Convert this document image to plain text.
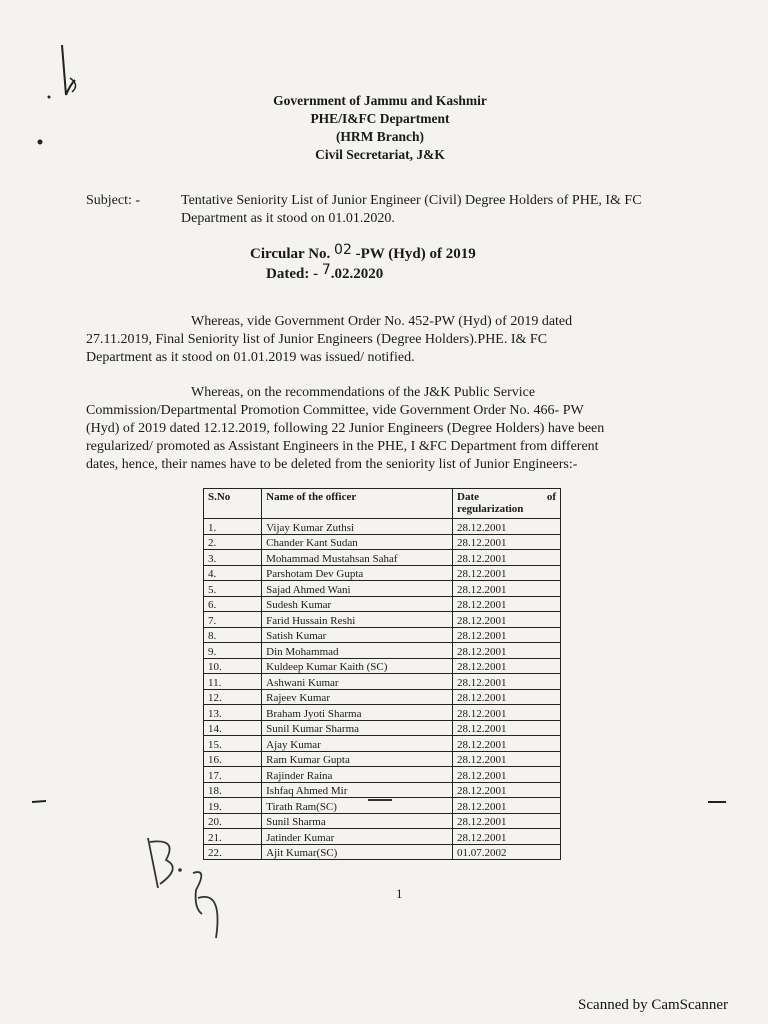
Government of Jammu and Kashmir
PHE/I&FC Department
(HRM Branch)
Civil Secretariat, J&K
Subject: -	Tentative Seniority List of Junior Engineer (Civil) Degree Holders of PHE, I& FC Department as it stood on 01.01.2020.
Circular No. 02 -PW (Hyd) of 2019
Dated: - 7.02.2020
Whereas, vide Government Order No. 452-PW (Hyd) of 2019 dated
27.11.2019, Final Seniority list of Junior Engineers (Degree Holders).PHE. I& FC
Department as it stood on 01.01.2019 was issued/ notified.
Whereas, on the recommendations of the J&K Public Service
Commission/Departmental Promotion Committee, vide Government Order No. 466- PW
(Hyd) of 2019 dated 12.12.2019, following 22 Junior Engineers (Degree Holders) have been
regularized/ promoted as Assistant Engineers in the PHE, I &FC Department from different
dates, hence, their names have to be deleted from the seniority list of Junior Engineers:-
S.No	Name of the officer	Date of
regularization

1.	Vijay Kumar Zuthsi	28.12.2001
2.	Chander Kant Sudan	28.12.2001
3.	Mohammad Mustahsan Sahaf	28.12.2001
4.	Parshotam Dev Gupta	28.12.2001
5.	Sajad Ahmed Wani	28.12.2001
6.	Sudesh Kumar	28.12.2001
7.	Farid Hussain Reshi	28.12.2001
8.	Satish Kumar	28.12.2001
9.	Din Mohammad	28.12.2001
10.	Kuldeep Kumar Kaith (SC)	28.12.2001
11.	Ashwani Kumar	28.12.2001
12.	Rajeev Kumar	28.12.2001
13.	Braham Jyoti Sharma	28.12.2001
14.	Sunil Kumar Sharma	28.12.2001
15.	Ajay Kumar	28.12.2001
16.	Ram Kumar Gupta	28.12.2001
17.	Rajinder Raina	28.12.2001
18.	Ishfaq Ahmed Mir	28.12.2001
19.	Tirath Ram(SC)	28.12.2001
20.	Sunil Sharma	28.12.2001
21.	Jatinder Kumar	28.12.2001
22.	Ajit Kumar(SC)	01.07.2002
1
Scanned by CamScanner
